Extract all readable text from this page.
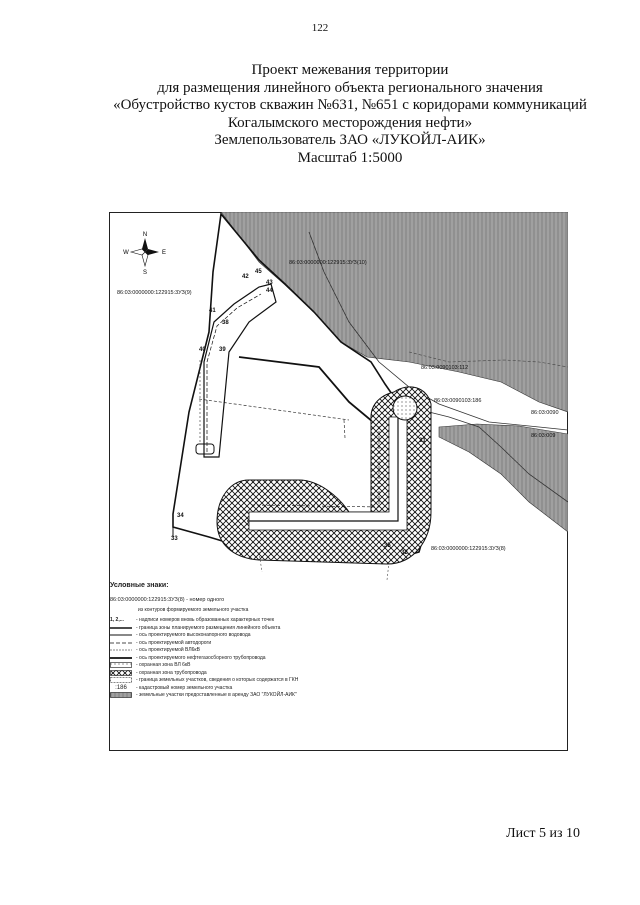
122
Проект межевания территории
для размещения линейного объекта регионального значения
«Обустройство кустов скважин №631, №651 с коридорами коммуникаций
Когалымского месторождения нефти»
Землепользователь ЗАО «ЛУКОЙЛ-АИК»
Масштаб 1:5000
N
S
W	E
86:03:0000000:122915:3УЗ(10)
86:03:0000000:122915:3УЗ(9)
86:03:0090103:112
86:03:0090103:186
86:03:0090
86:03:009
86:03:0000000:122915:3УЗ(8)
45
42
43
44
41
38
40 39
34
33
35
32
31
Условные знаки:
86:03:0000000:122915:3УЗ(8) - номер одного
из контуров формируемого земельного участка
1, 2,...	- надписи номеров вновь образованных характерных точек
- граница зоны планируемого размещения линейного объекта
- ось проектируемого высоконапорного водовода
- ось проектируемой автодороги
- ось проектируемой ВЛ6кВ
- ось проектируемого нефтегазосборного трубопровода
- охранная зона ВЛ 6кВ
- охранная зона трубопровода
- граница земельных участков, сведения о которых содержатся в ГКН
:186	- кадастровый номер земельного участка
- земельные участки предоставленные в аренду ЗАО "ЛУКОЙЛ-АИК"
Лист 5 из 10
